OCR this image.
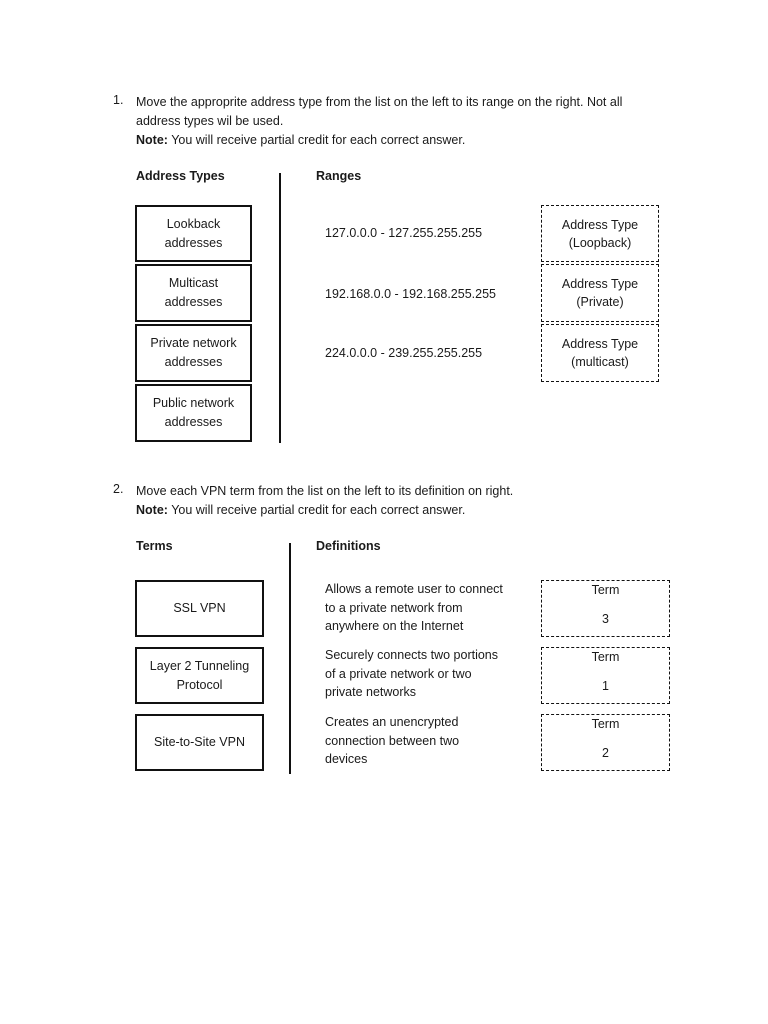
1. Move the approprite address type from the list on the left to its range on the right. Not all
address types wil be used.
Note: You will receive partial credit for each correct answer.
Address Types	Ranges
Lookback
addresses
Multicast
addresses
Private network
addresses
Public network
addresses
127.0.0.0 - 127.255.255.255
192.168.0.0 - 192.168.255.255
224.0.0.0 - 239.255.255.255
Address Type
(Loopback)
Address Type
(Private)
Address Type
(multicast)
2. Move each VPN term from the list on the left to its definition on right.
Note: You will receive partial credit for each correct answer.
Terms	Definitions
SSL VPN
Layer 2 Tunneling
Protocol
Site-to-Site VPN
Allows a remote user to connect
to a private network from
anywhere on the Internet
Securely connects two portions
of a private network or two
private networks
Creates an unencrypted
connection between two
devices
Term
3
Term
1
Term
2
